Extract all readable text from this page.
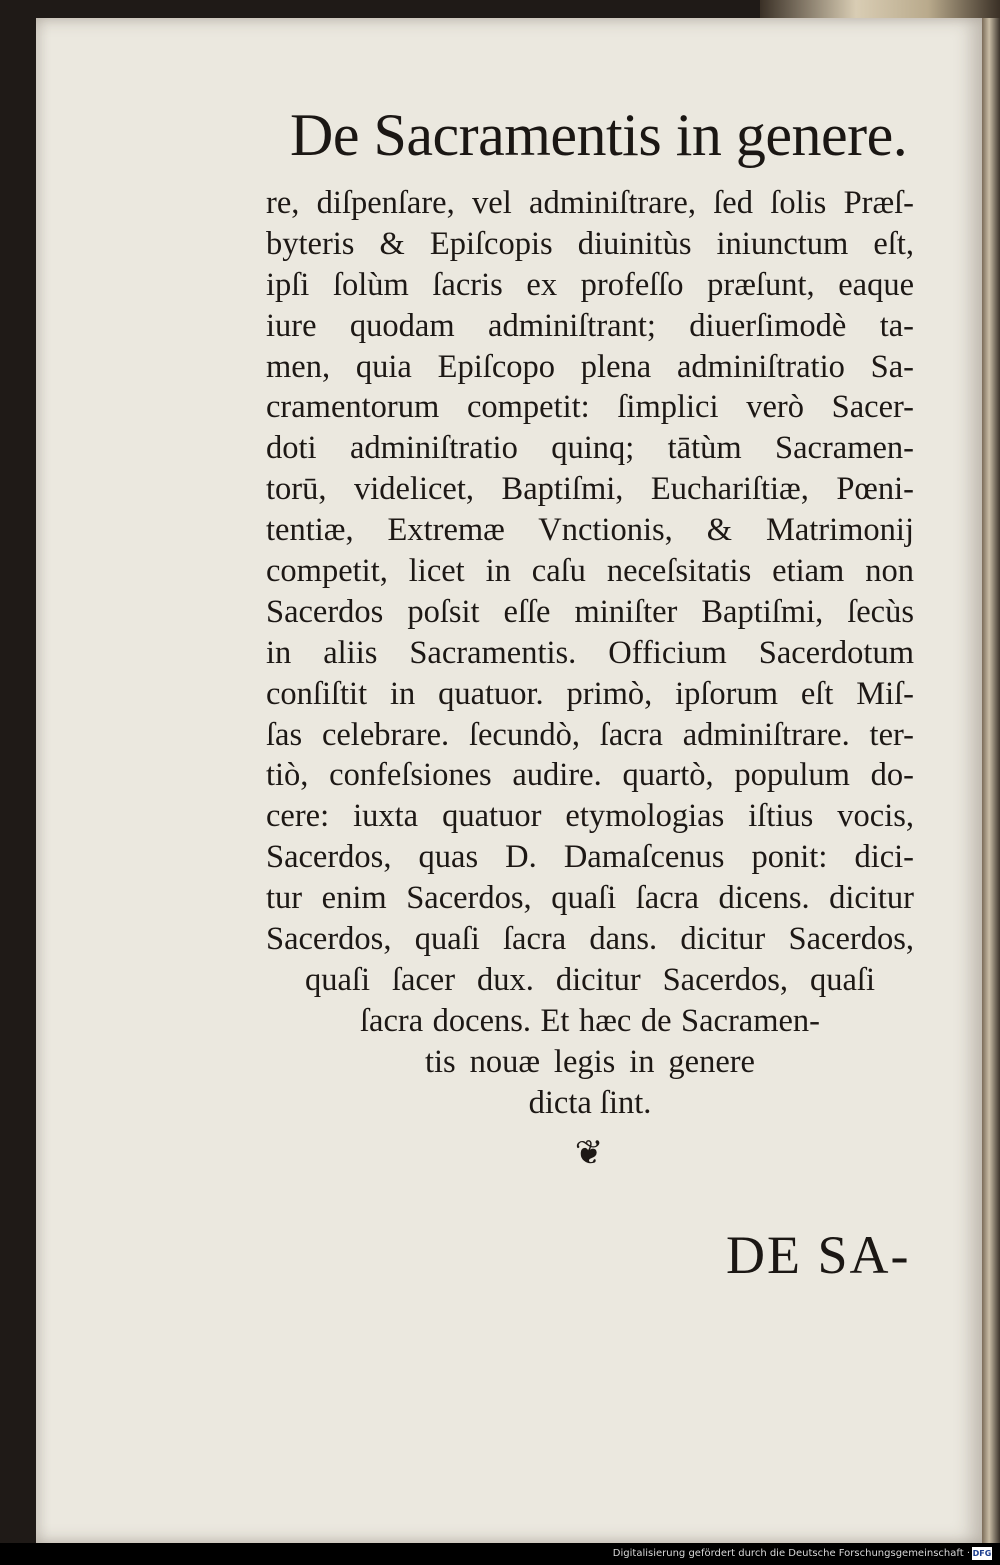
De Sacramentis in genere.
re, diſpenſare, vel adminiſtrare, ſed ſolis Præſ-
byteris & Epiſcopis diuinitùs iniunctum eſt,
ipſi ſolùm ſacris ex profeſſo præſunt, eaque
iure quodam adminiſtrant; diuerſimodè ta-
men, quia Epiſcopo plena adminiſtratio Sa-
cramentorum competit: ſimplici verò Sacer-
doti adminiſtratio quinq; tātùm Sacramen-
torū, videlicet, Baptiſmi, Euchariſtiæ, Pœni-
tentiæ, Extremæ Vnctionis, & Matrimonij
competit, licet in caſu neceſsitatis etiam non
Sacerdos poſsit eſſe miniſter Baptiſmi, ſecùs
in aliis Sacramentis. Officium Sacerdotum
conſiſtit in quatuor. primò, ipſorum eſt Miſ-
ſas celebrare. ſecundò, ſacra adminiſtrare. ter-
tiò, confeſsiones audire. quartò, populum do-
cere: iuxta quatuor etymologias iſtius vocis,
Sacerdos, quas D. Damaſcenus ponit: dici-
tur enim Sacerdos, quaſi ſacra dicens. dicitur
Sacerdos, quaſi ſacra dans. dicitur Sacerdos,
quaſi ſacer dux. dicitur Sacerdos, quaſi
ſacra docens. Et hæc de Sacramen-
tis nouæ legis in genere
dicta ſint.
❦
DE SA-
Digitalisierung gefördert durch die Deutsche Forschungsgemeinschaft · DFG
